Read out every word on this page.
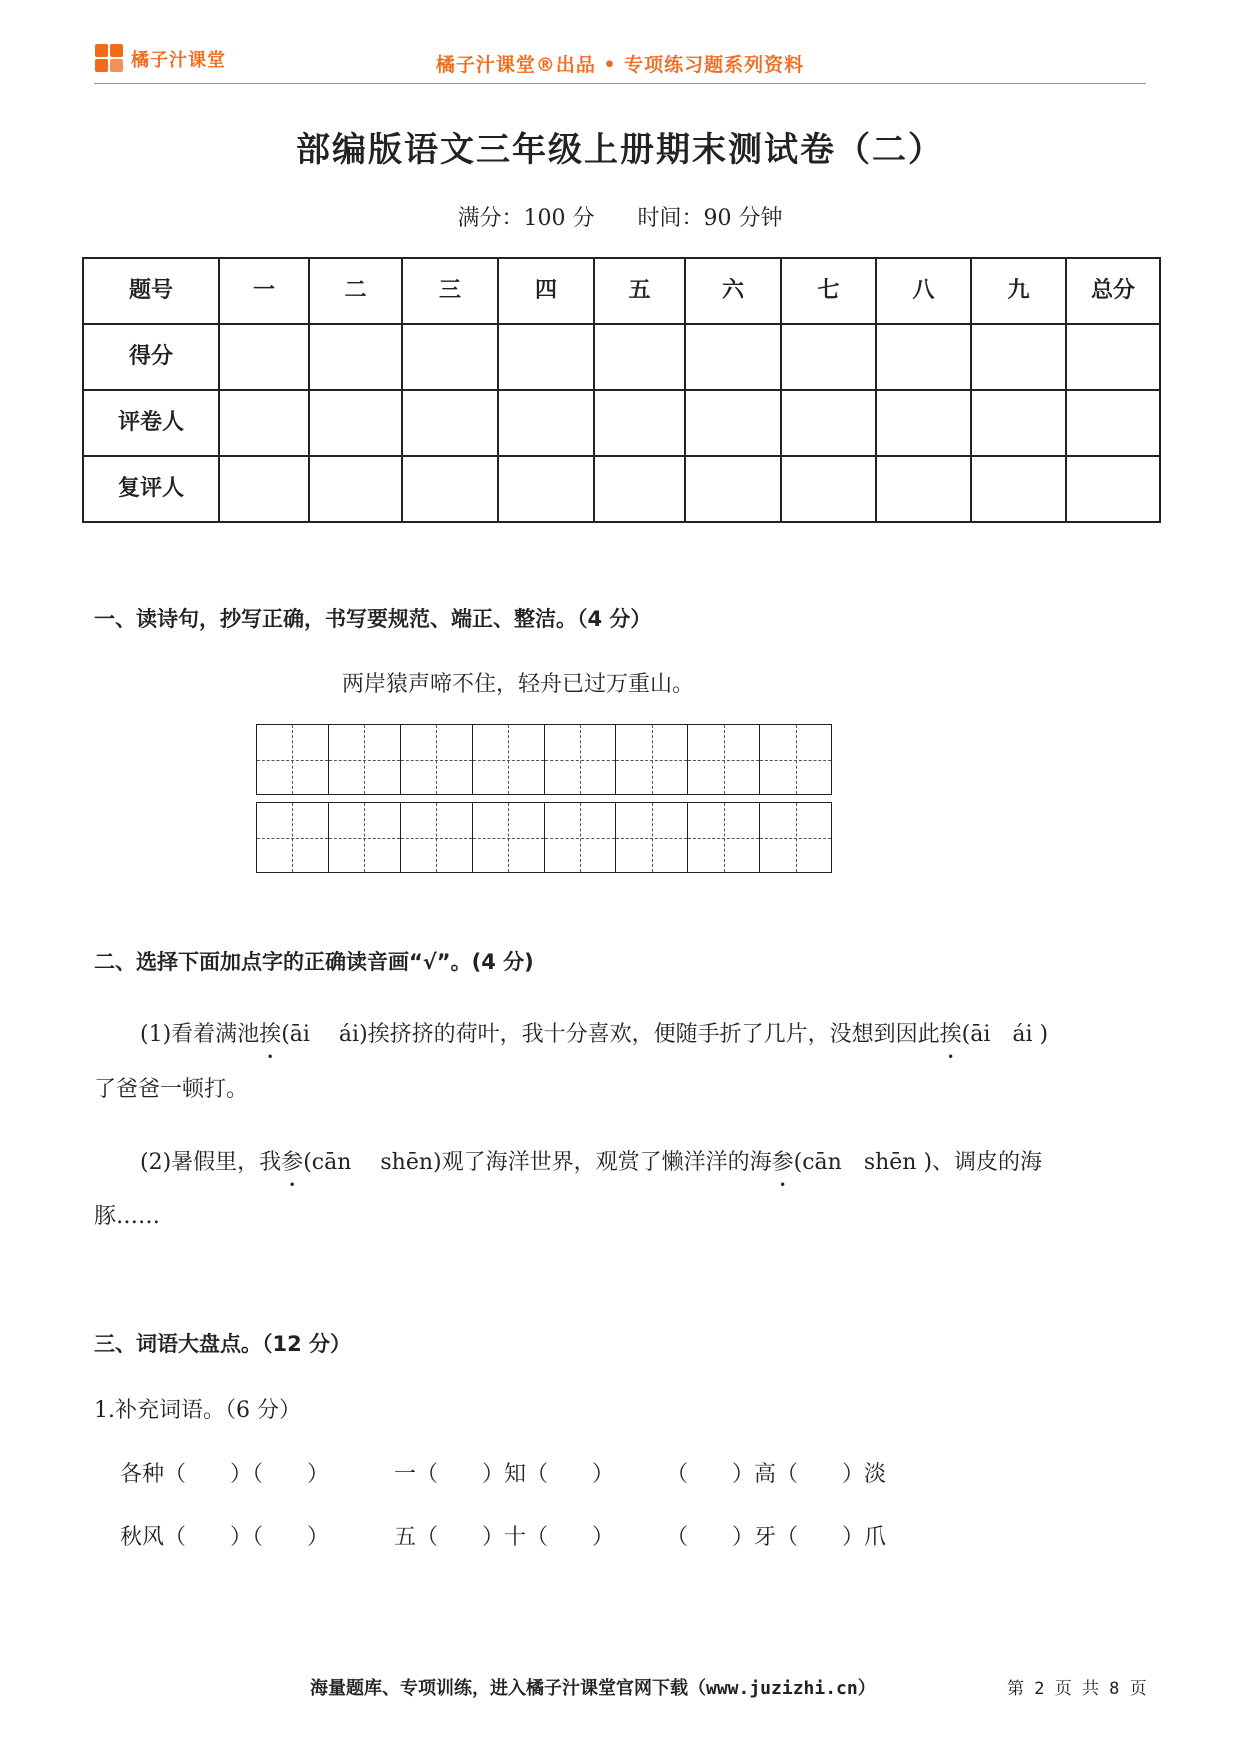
橘子汁课堂	橘子汁课堂®出品 • 专项练习题系列资料
部编版语文三年级上册期末测试卷（二）
满分：100 分 时间：90 分钟
题号	一	二	三	四	五	六	七	八	九	总分
得分										
评卷人										
复评人										
一、读诗句，抄写正确，书写要规范、端正、整洁。（4 分）
两岸猿声啼不住，轻舟已过万重山。
二、选择下面加点字的正确读音画“√”。(4 分)
(1)看着满池挨(āi　 ái)挨挤挤的荷叶，我十分喜欢，便随手折了几片，没想到因此挨(āi　ái )
了爸爸一顿打。
(2)暑假里，我参(cān　 shēn)观了海洋世界，观赏了懒洋洋的海参(cān　shēn )、调皮的海
豚……
三、词语大盘点。（12 分）
1.补充词语。（6 分）
各种（　　）（　　）	一（　　）知（　　） （　　）高（　　）淡
秋风（　　）（　　）	五（　　）十（　　） （　　）牙（　　）爪
海量题库、专项训练，进入橘子汁课堂官网下载（www.juzizhi.cn）	第 2 页 共 8 页
